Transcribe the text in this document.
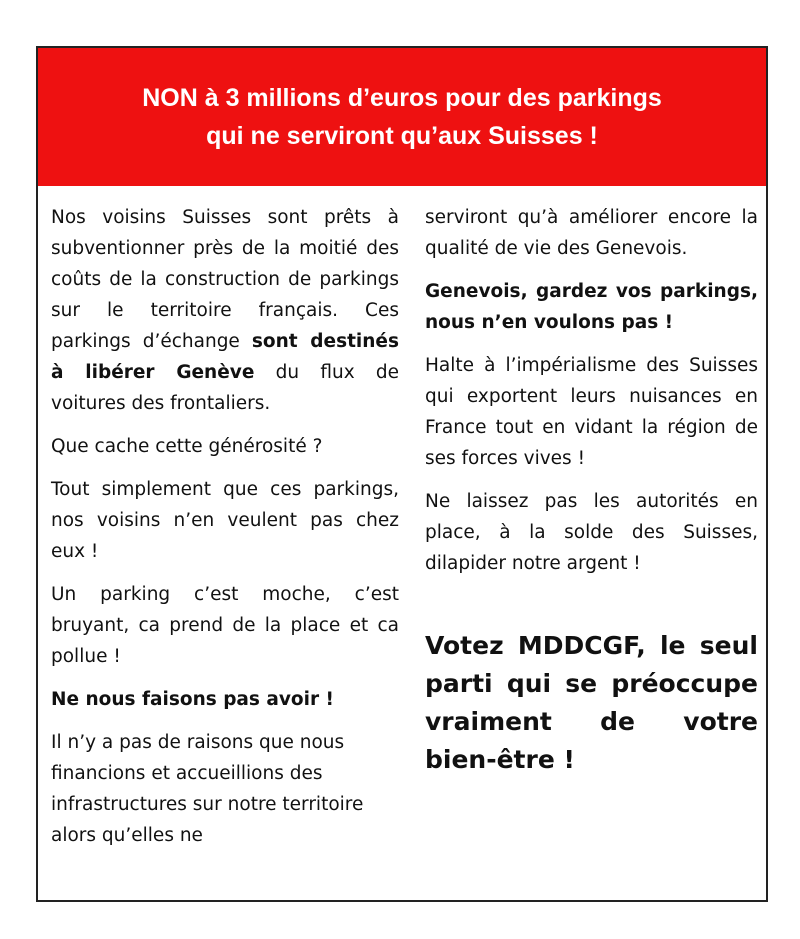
NON à 3 millions d’euros pour des parkings
qui ne serviront qu’aux Suisses !

Nos voisins Suisses sont prêts à subventionner près de la moitié des coûts de la construction de parkings sur le territoire français. Ces parkings d’échange sont destinés à libérer Genève du flux de voitures des frontaliers.

Que cache cette générosité ?

Tout simplement que ces parkings, nos voisins n’en veulent pas chez eux !

Un parking c’est moche, c’est bruyant, ca prend de la place et ca pollue !

Ne nous faisons pas avoir !

Il n’y a pas de raisons que nous financions et accueillions des infrastructures sur notre territoire alors qu’elles ne

serviront qu’à améliorer encore la qualité de vie des Genevois.

Genevois, gardez vos parkings, nous n’en voulons pas !

Halte à l’impérialisme des Suisses qui exportent leurs nuisances en France tout en vidant la région de ses forces vives !

Ne laissez pas les autorités en place, à la solde des Suisses, dilapider notre argent !

Votez MDDCGF, le seul parti qui se préoccupe vraiment de votre bien-être !
